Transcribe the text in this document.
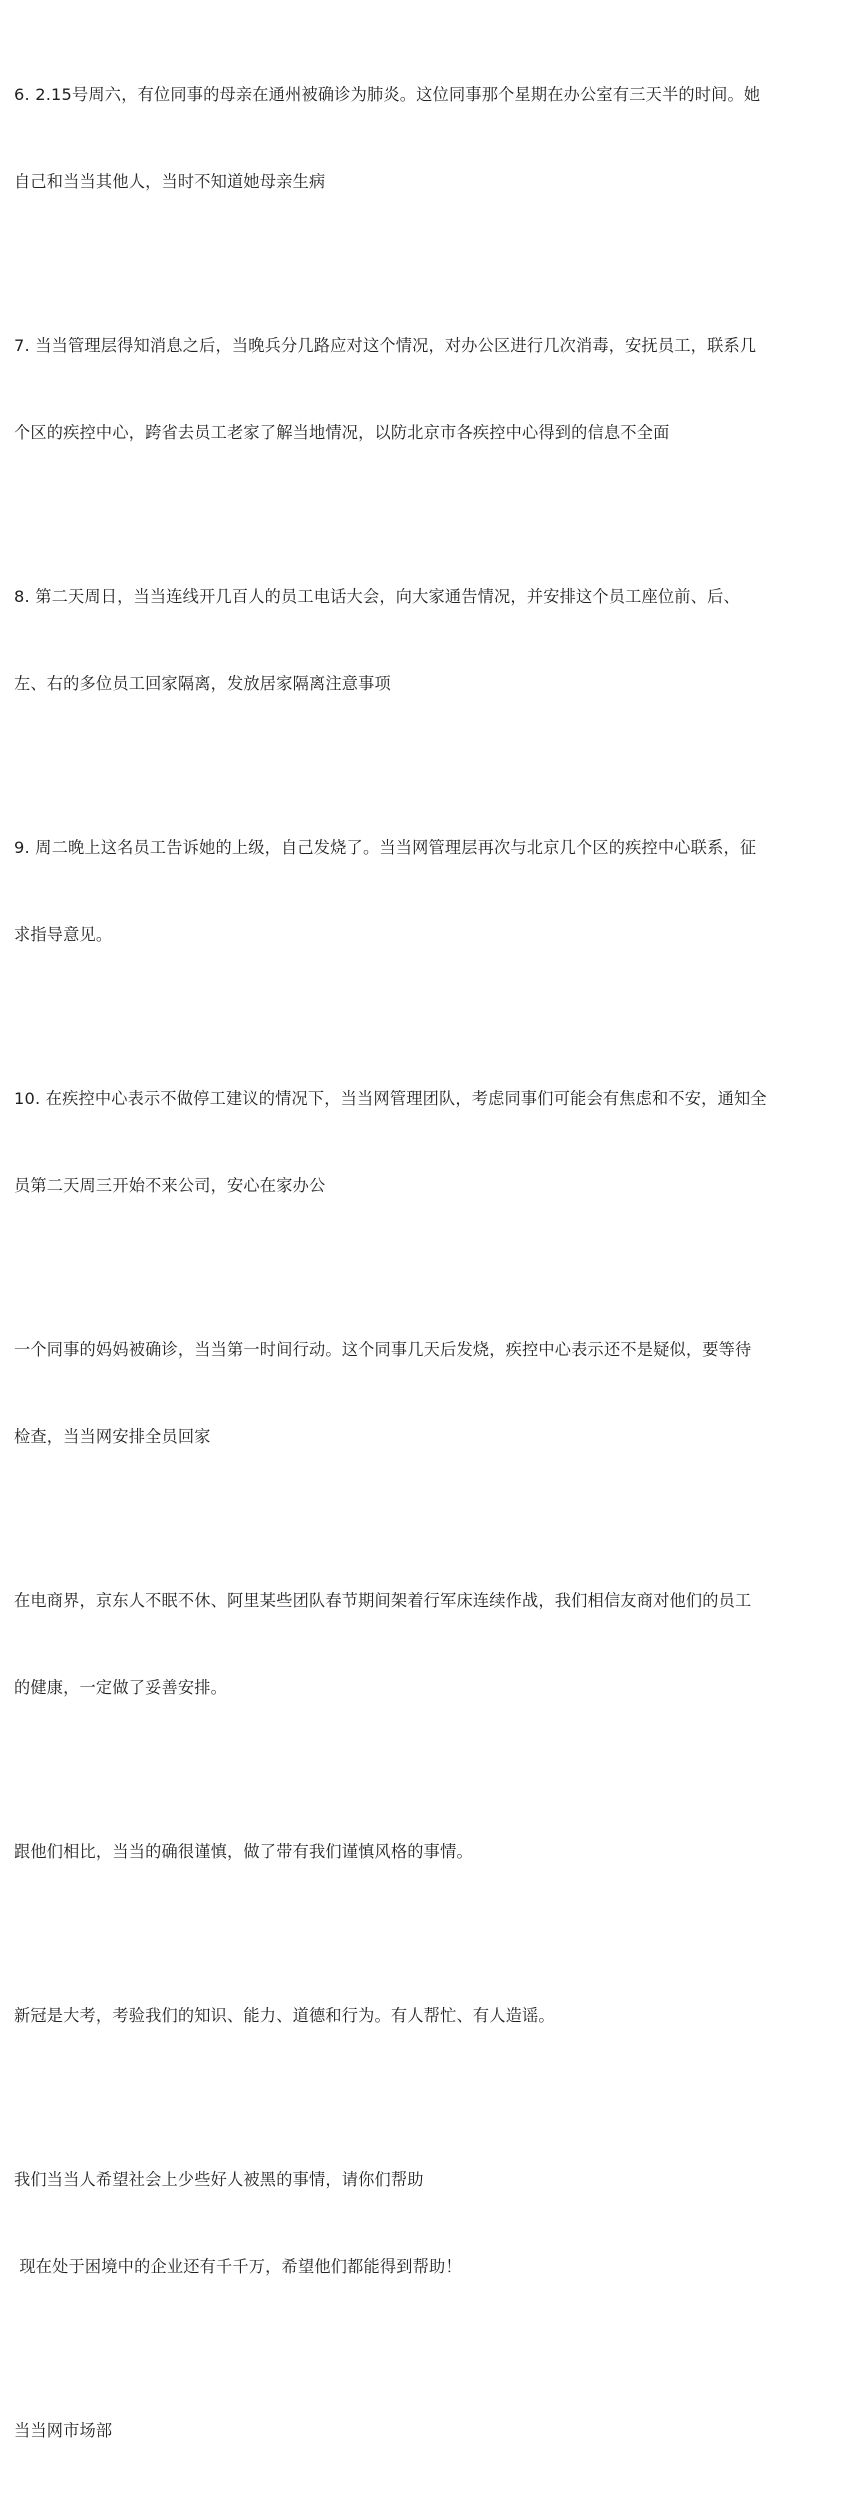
6. 2.15号周六，有位同事的母亲在通州被确诊为肺炎。这位同事那个星期在办公室有三天半的时间。她

自己和当当其他人，当时不知道她母亲生病

7. 当当管理层得知消息之后，当晚兵分几路应对这个情况，对办公区进行几次消毒，安抚员工，联系几

个区的疾控中心，跨省去员工老家了解当地情况，以防北京市各疾控中心得到的信息不全面

8. 第二天周日，当当连线开几百人的员工电话大会，向大家通告情况，并安排这个员工座位前、后、

左、右的多位员工回家隔离，发放居家隔离注意事项

9. 周二晚上这名员工告诉她的上级，自己发烧了。当当网管理层再次与北京几个区的疾控中心联系，征

求指导意见。

10. 在疾控中心表示不做停工建议的情况下，当当网管理团队，考虑同事们可能会有焦虑和不安，通知全

员第二天周三开始不来公司，安心在家办公

一个同事的妈妈被确诊，当当第一时间行动。这个同事几天后发烧，疾控中心表示还不是疑似，要等待

检查，当当网安排全员回家

在电商界，京东人不眠不休、阿里某些团队春节期间架着行军床连续作战，我们相信友商对他们的员工

的健康，一定做了妥善安排。

跟他们相比，当当的确很谨慎，做了带有我们谨慎风格的事情。

新冠是大考，考验我们的知识、能力、道德和行为。有人帮忙、有人造谣。

我们当当人希望社会上少些好人被黑的事情，请你们帮助

现在处于困境中的企业还有千千万，希望他们都能得到帮助！

当当网市场部
